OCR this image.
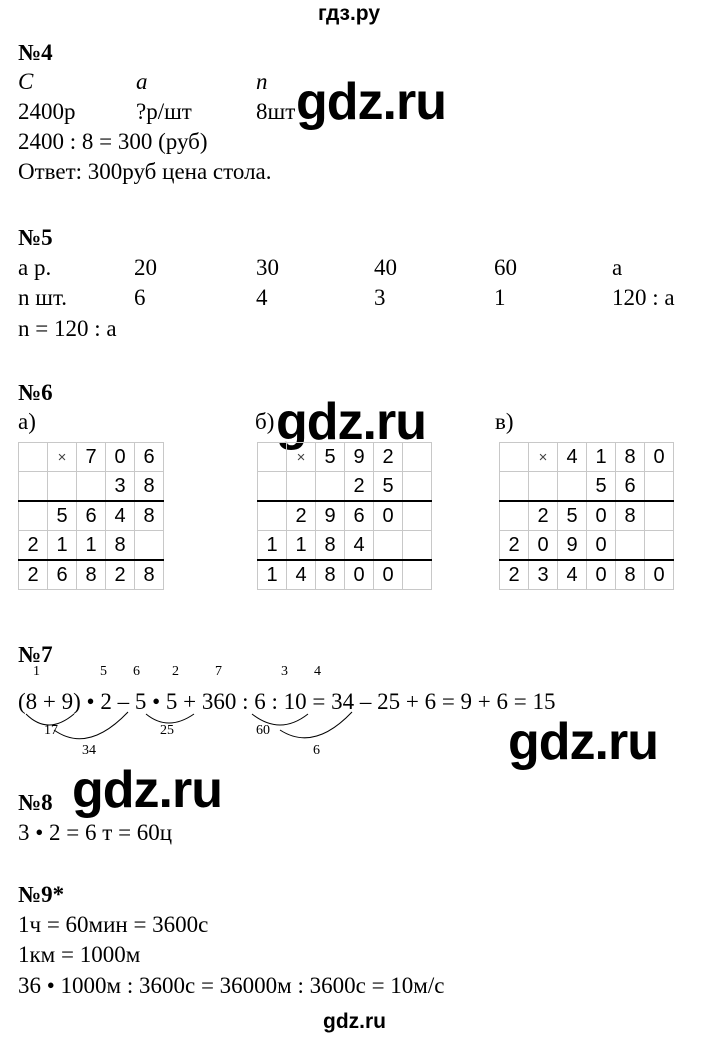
гдз.ру
№4
C	a	n
2400р	?р/шт	8шт
2400 : 8 = 300 (руб)
Ответ: 300руб цена стола.
gdz.ru
№5
а р.	20	30	40	60	а
n шт.	6	4	3	1	120 : а
n = 120 : а
№6
а)	б)	в)
gdz.ru
	×	7	0	6
			3	8
	5	6	4	8
2	1	1	8	
2	6	8	2	8
	×	5	9	2	
			2	5	
	2	9	6	0	
1	1	8	4		
1	4	8	0	0	
	×	4	1	8	0
			5	6	
	2	5	0	8	
2	0	9	0		
2	3	4	0	8	0
№7
1	5 6 2	7	3 4
(8 + 9) • 2 – 5 • 5 + 360 : 6 : 10 = 34 – 25 + 6 = 9 + 6 = 15
17
34
25	60
6	gdz.ru
gdz.ru
№8
3 • 2 = 6 т = 60ц
№9*
1ч = 60мин = 3600с
1км = 1000м
36 • 1000м : 3600с = 36000м : 3600с = 10м/с
gdz.ru
